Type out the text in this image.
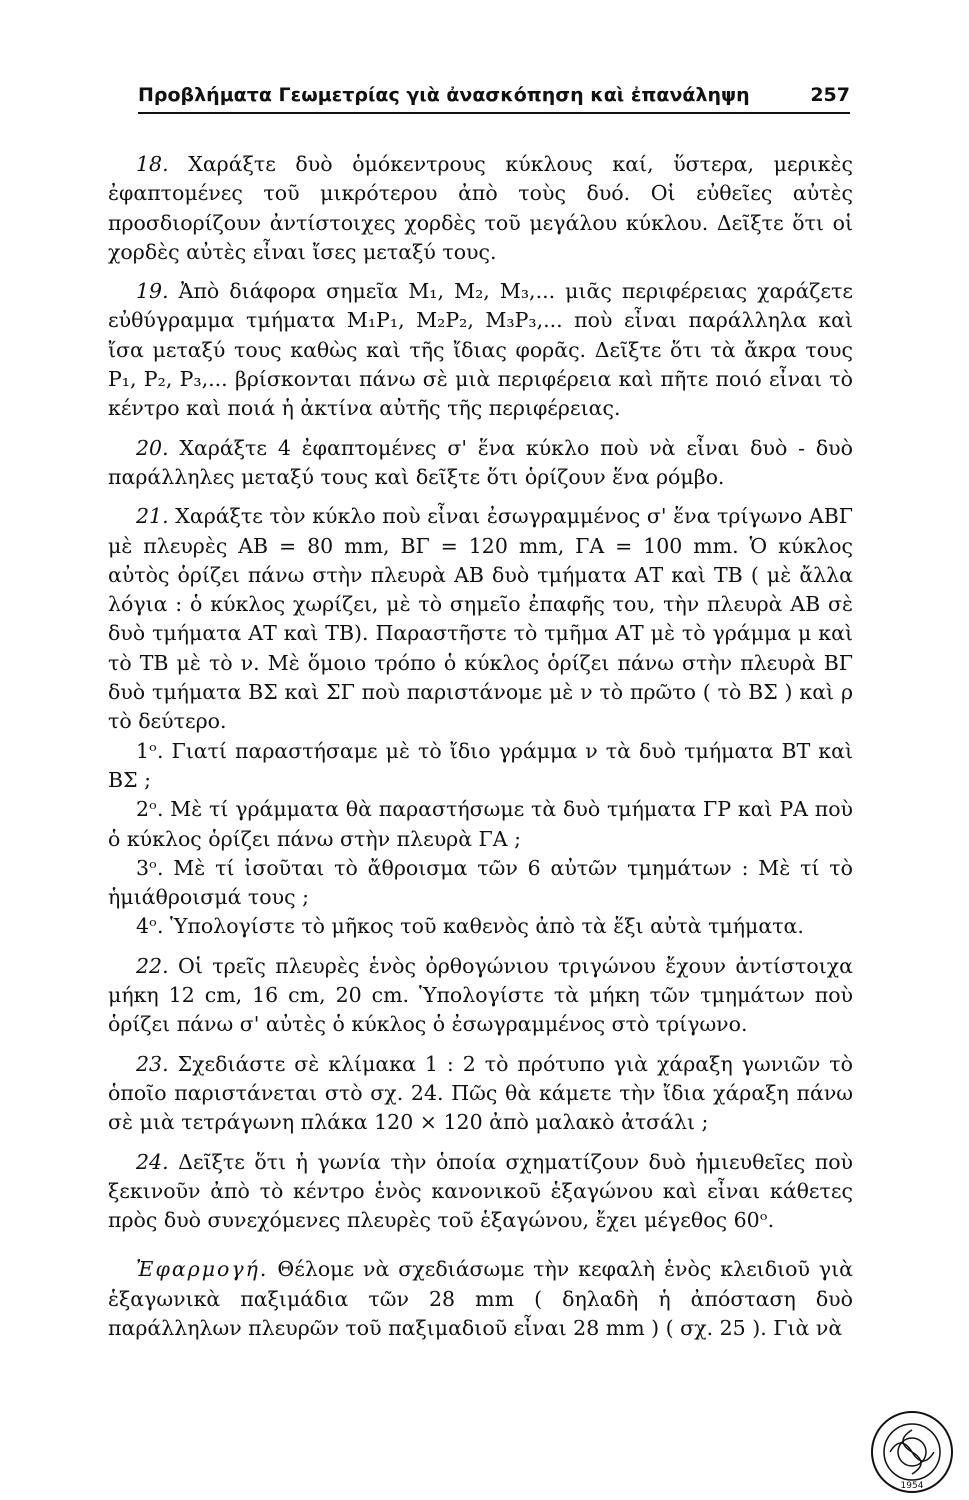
Προβλήματα Γεωμετρίας γιὰ ἀνασκόπηση καὶ ἐπανάληψη	257

18. Χαράξτε δυὸ ὁμόκεντρους κύκλους καί, ὕστερα, μερικὲς ἐφαπτομένες τοῦ μικρότερου ἀπὸ τοὺς δυό. Οἱ εὐθεῖες αὐτὲς προσδιορίζουν ἀντίστοιχες χορδὲς τοῦ μεγάλου κύκλου. Δεῖξτε ὅτι οἱ χορδὲς αὐτὲς εἶναι ἴσες μεταξύ τους.

19. Ἀπὸ διάφορα σημεῖα M₁, M₂, M₃,... μιᾶς περιφέρειας χαράζετε εὐθύγραμμα τμήματα M₁P₁, M₂P₂, M₃P₃,... ποὺ εἶναι παράλληλα καὶ ἴσα μεταξύ τους καθὼς καὶ τῆς ἴδιας φορᾶς. Δεῖξτε ὅτι τὰ ἄκρα τους P₁, P₂, P₃,... βρίσκονται πάνω σὲ μιὰ περιφέρεια καὶ πῆτε ποιό εἶναι τὸ κέντρο καὶ ποιά ἡ ἀκτίνα αὐτῆς τῆς περιφέρειας.

20. Χαράξτε 4 ἐφαπτομένες σ' ἕνα κύκλο ποὺ νὰ εἶναι δυὸ - δυὸ παράλληλες μεταξύ τους καὶ δεῖξτε ὅτι ὁρίζουν ἕνα ρόμβο.

21. Χαράξτε τὸν κύκλο ποὺ εἶναι ἐσωγραμμένος σ' ἕνα τρίγωνο ΑΒΓ μὲ πλευρὲς ΑΒ = 80 mm, ΒΓ = 120 mm, ΓΑ = 100 mm. Ὁ κύκλος αὐτὸς ὁρίζει πάνω στὴν πλευρὰ ΑΒ δυὸ τμήματα ΑΤ καὶ ΤΒ ( μὲ ἄλλα λόγια : ὁ κύκλος χωρίζει, μὲ τὸ σημεῖο ἐπαφῆς του, τὴν πλευρὰ ΑΒ σὲ δυὸ τμήματα ΑΤ καὶ ΤΒ). Παραστῆστε τὸ τμῆμα ΑΤ μὲ τὸ γράμμα μ καὶ τὸ ΤΒ μὲ τὸ ν. Μὲ ὅμοιο τρόπο ὁ κύκλος ὁρίζει πάνω στὴν πλευρὰ ΒΓ δυὸ τμήματα ΒΣ καὶ ΣΓ ποὺ παριστάνομε μὲ ν τὸ πρῶτο ( τὸ ΒΣ ) καὶ ρ τὸ δεύτερο.

1ᵒ. Γιατί παραστήσαμε μὲ τὸ ἴδιο γράμμα ν τὰ δυὸ τμήματα ΒΤ καὶ ΒΣ ;

2ᵒ. Μὲ τί γράμματα θὰ παραστήσωμε τὰ δυὸ τμήματα ΓΡ καὶ ΡΑ ποὺ ὁ κύκλος ὁρίζει πάνω στὴν πλευρὰ ΓΑ ;

3ᵒ. Μὲ τί ἰσοῦται τὸ ἄθροισμα τῶν 6 αὐτῶν τμημάτων : Μὲ τί τὸ ἡμιάθροισμά τους ;

4ᵒ. Ὑπολογίστε τὸ μῆκος τοῦ καθενὸς ἀπὸ τὰ ἕξι αὐτὰ τμήματα.

22. Οἱ τρεῖς πλευρὲς ἑνὸς ὀρθογώνιου τριγώνου ἔχουν ἀντίστοιχα μήκη 12 cm, 16 cm, 20 cm. Ὑπολογίστε τὰ μήκη τῶν τμημάτων ποὺ ὁρίζει πάνω σ' αὐτὲς ὁ κύκλος ὁ ἐσωγραμμένος στὸ τρίγωνο.

23. Σχεδιάστε σὲ κλίμακα 1 : 2 τὸ πρότυπο γιὰ χάραξη γωνιῶν τὸ ὁποῖο παριστάνεται στὸ σχ. 24. Πῶς θὰ κάμετε τὴν ἴδια χάραξη πάνω σὲ μιὰ τετράγωνη πλάκα 120 × 120 ἀπὸ μαλακὸ ἀτσάλι ;

24. Δεῖξτε ὅτι ἡ γωνία τὴν ὁποία σχηματίζουν δυὸ ἡμιευθεῖες ποὺ ξεκινοῦν ἀπὸ τὸ κέντρο ἑνὸς κανονικοῦ ἑξαγώνου καὶ εἶναι κάθετες πρὸς δυὸ συνεχόμενες πλευρὲς τοῦ ἑξαγώνου, ἔχει μέγεθος 60ᵒ.

Ἐφαρμογή. Θέλομε νὰ σχεδιάσωμε τὴν κεφαλὴ ἑνὸς κλειδιοῦ γιὰ ἑξαγωνικὰ παξιμάδια τῶν 28 mm ( δηλαδὴ ἡ ἀπόσταση δυὸ παράλληλων πλευρῶν τοῦ παξιμαδιοῦ εἶναι 28 mm ) ( σχ. 25 ). Γιὰ νὰ

1954
